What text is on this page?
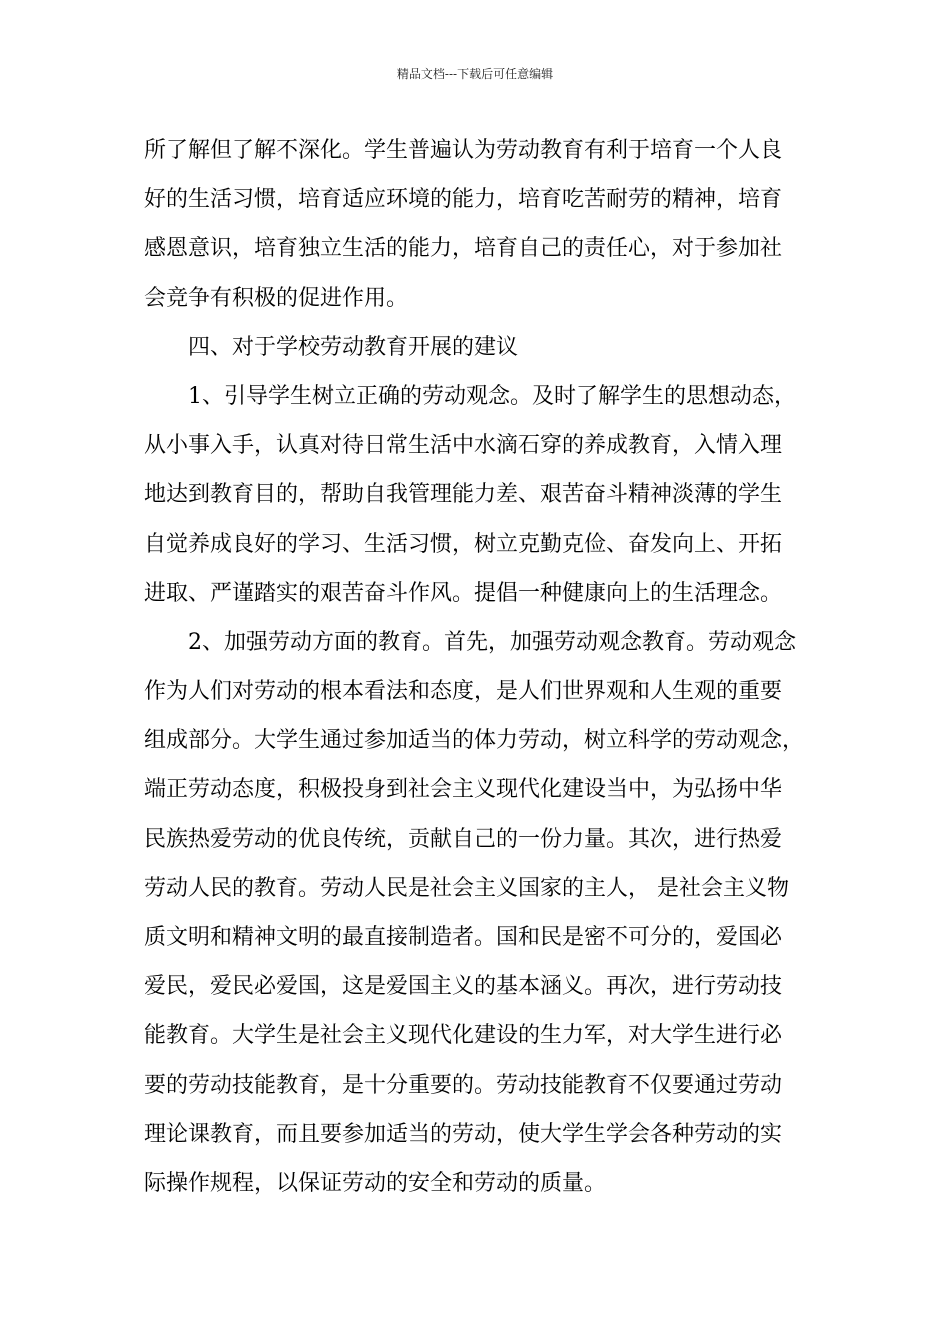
精品文档---下载后可任意编辑
所了解但了解不深化。学生普遍认为劳动教育有利于培育一个人良
好的生活习惯，培育适应环境的能力，培育吃苦耐劳的精神，培育
感恩意识，培育独立生活的能力，培育自己的责任心，对于参加社
会竞争有积极的促进作用。
四、对于学校劳动教育开展的建议
1、引导学生树立正确的劳动观念。及时了解学生的思想动态，
从小事入手，认真对待日常生活中水滴石穿的养成教育，入情入理
地达到教育目的，帮助自我管理能力差、艰苦奋斗精神淡薄的学生
自觉养成良好的学习、生活习惯，树立克勤克俭、奋发向上、开拓
进取、严谨踏实的艰苦奋斗作风。提倡一种健康向上的生活理念。
2、加强劳动方面的教育。首先，加强劳动观念教育。劳动观念
作为人们对劳动的根本看法和态度，是人们世界观和人生观的重要
组成部分。大学生通过参加适当的体力劳动，树立科学的劳动观念，
端正劳动态度，积极投身到社会主义现代化建设当中，为弘扬中华
民族热爱劳动的优良传统，贡献自己的一份力量。其次，进行热爱
劳动人民的教育。劳动人民是社会主义国家的主人， 是社会主义物
质文明和精神文明的最直接制造者。国和民是密不可分的，爱国必
爱民，爱民必爱国，这是爱国主义的基本涵义。再次，进行劳动技
能教育。大学生是社会主义现代化建设的生力军，对大学生进行必
要的劳动技能教育，是十分重要的。劳动技能教育不仅要通过劳动
理论课教育，而且要参加适当的劳动，使大学生学会各种劳动的实
际操作规程，以保证劳动的安全和劳动的质量。
